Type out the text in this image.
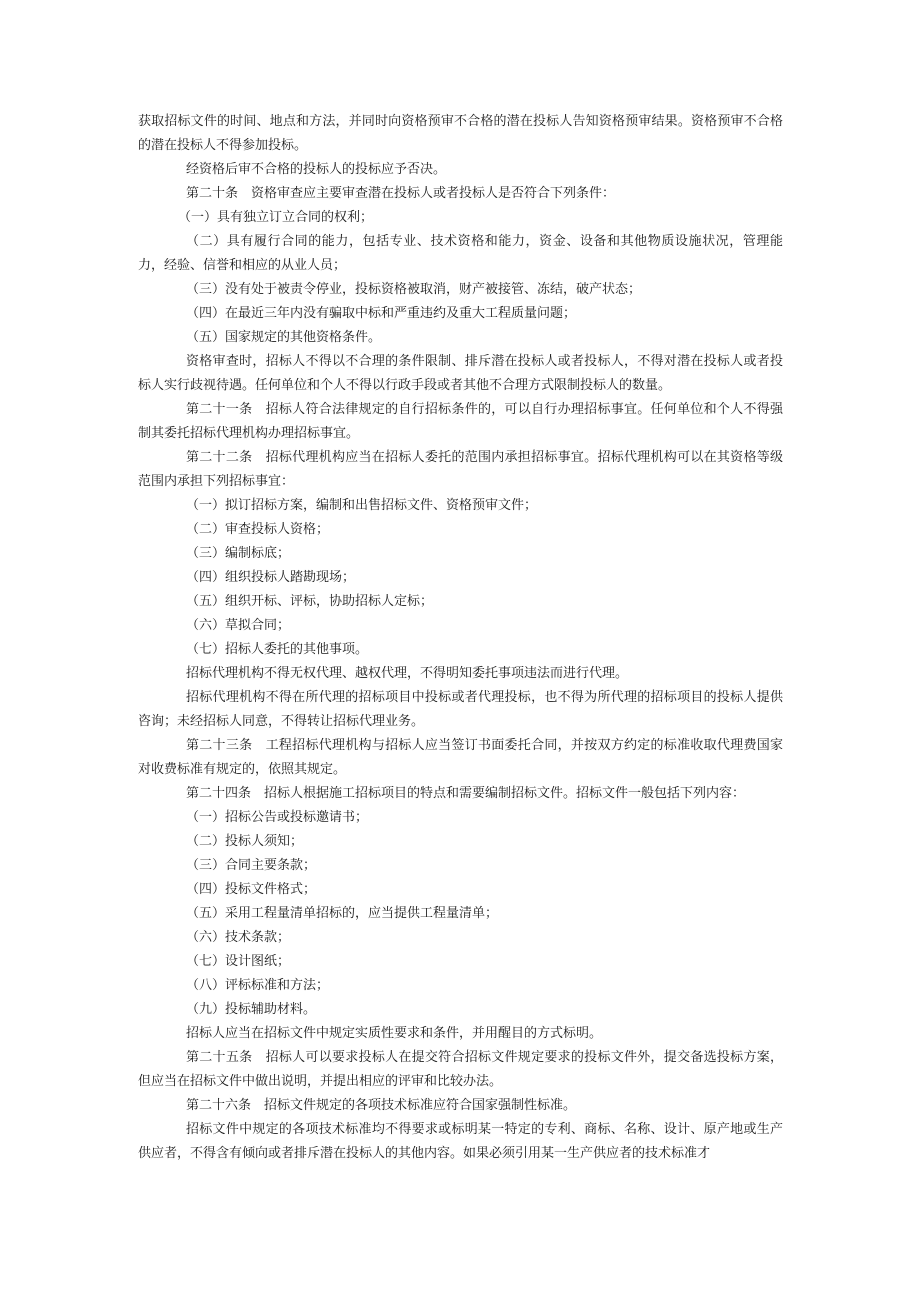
获取招标文件的时间、地点和方法，并同时向资格预审不合格的潜在投标人告知资格预审结果。资格预审不合格的潜在投标人不得参加投标。

经资格后审不合格的投标人的投标应予否决。

第二十条　资格审查应主要审查潜在投标人或者投标人是否符合下列条件：

（一）具有独立订立合同的权利；

（二）具有履行合同的能力，包括专业、技术资格和能力，资金、设备和其他物质设施状况，管理能力，经验、信誉和相应的从业人员；

（三）没有处于被责令停业，投标资格被取消，财产被接管、冻结，破产状态；

（四）在最近三年内没有骗取中标和严重违约及重大工程质量问题；

（五）国家规定的其他资格条件。

资格审查时，招标人不得以不合理的条件限制、排斥潜在投标人或者投标人，不得对潜在投标人或者投标人实行歧视待遇。任何单位和个人不得以行政手段或者其他不合理方式限制投标人的数量。

第二十一条　招标人符合法律规定的自行招标条件的，可以自行办理招标事宜。任何单位和个人不得强制其委托招标代理机构办理招标事宜。

第二十二条　招标代理机构应当在招标人委托的范围内承担招标事宜。招标代理机构可以在其资格等级范围内承担下列招标事宜：

（一）拟订招标方案，编制和出售招标文件、资格预审文件；

（二）审查投标人资格；

（三）编制标底；

（四）组织投标人踏勘现场；

（五）组织开标、评标，协助招标人定标；

（六）草拟合同；

（七）招标人委托的其他事项。

招标代理机构不得无权代理、越权代理，不得明知委托事项违法而进行代理。

招标代理机构不得在所代理的招标项目中投标或者代理投标，也不得为所代理的招标项目的投标人提供咨询；未经招标人同意，不得转让招标代理业务。

第二十三条　工程招标代理机构与招标人应当签订书面委托合同，并按双方约定的标准收取代理费国家对收费标准有规定的，依照其规定。

第二十四条　招标人根据施工招标项目的特点和需要编制招标文件。招标文件一般包括下列内容：

（一）招标公告或投标邀请书；

（二）投标人须知；

（三）合同主要条款；

（四）投标文件格式；

（五）采用工程量清单招标的，应当提供工程量清单；

（六）技术条款；

（七）设计图纸；

（八）评标标准和方法；

（九）投标辅助材料。

招标人应当在招标文件中规定实质性要求和条件，并用醒目的方式标明。

第二十五条　招标人可以要求投标人在提交符合招标文件规定要求的投标文件外，提交备选投标方案，但应当在招标文件中做出说明，并提出相应的评审和比较办法。

第二十六条　招标文件规定的各项技术标准应符合国家强制性标准。

招标文件中规定的各项技术标准均不得要求或标明某一特定的专利、商标、名称、设计、原产地或生产供应者，不得含有倾向或者排斥潜在投标人的其他内容。如果必须引用某一生产供应者的技术标准才
